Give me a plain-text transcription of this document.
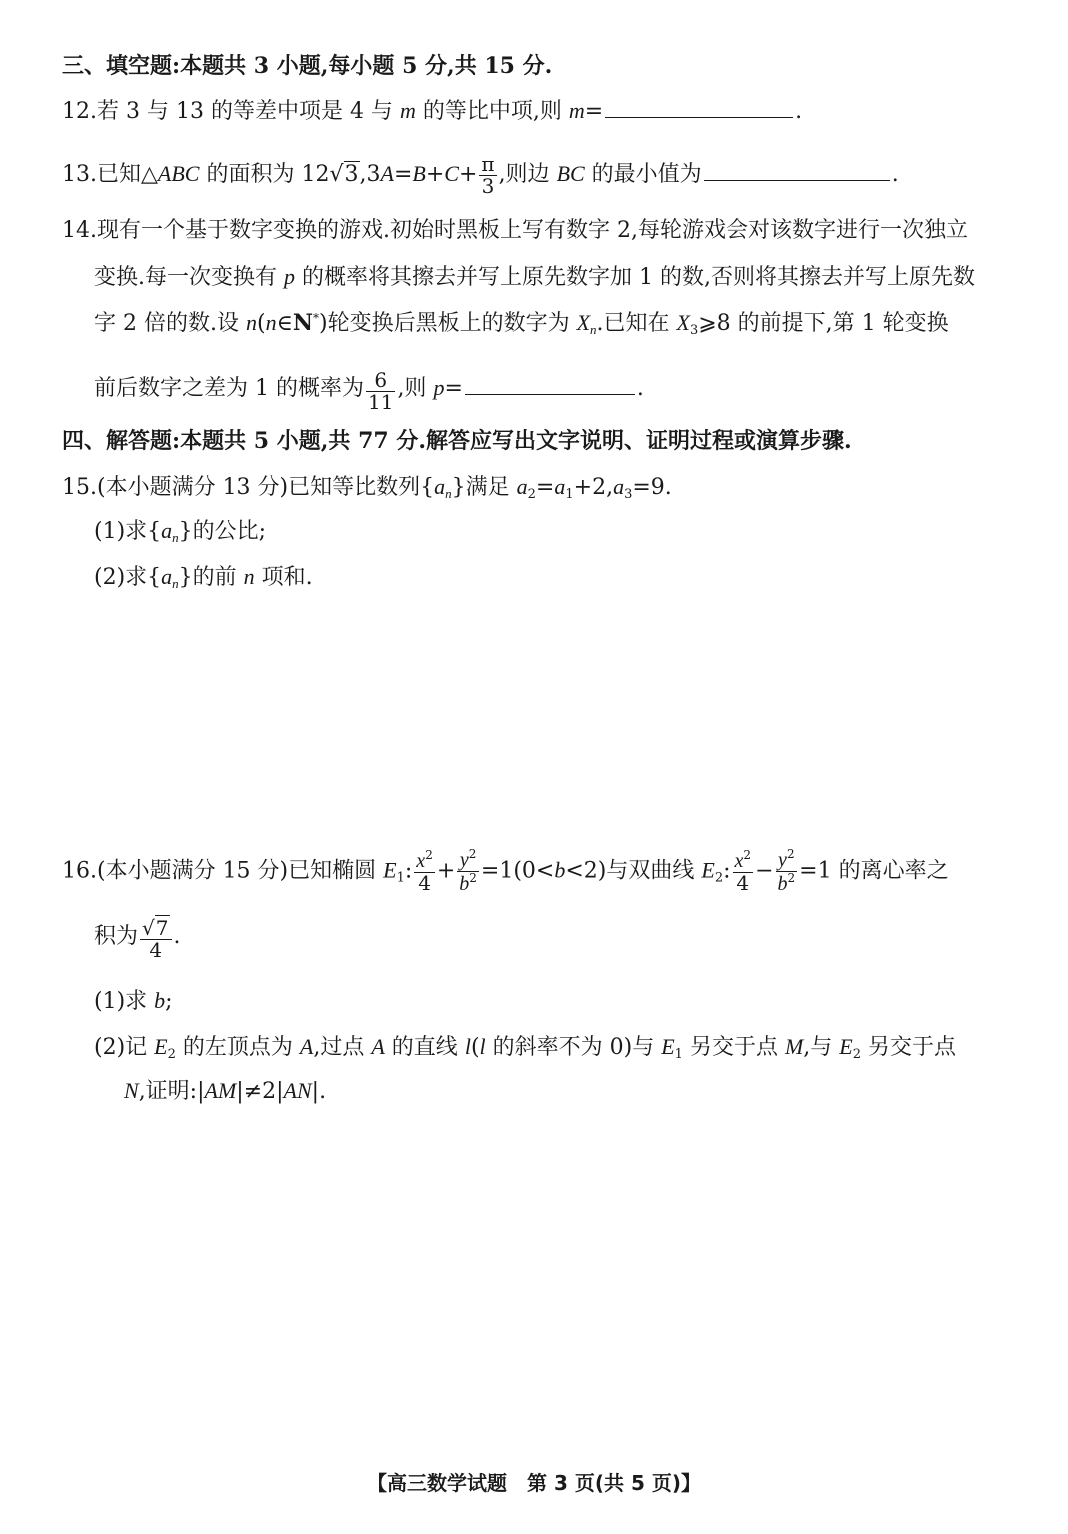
三、填空题:本题共 3 小题,每小题 5 分,共 15 分.
12.若 3 与 13 的等差中项是 4 与 m 的等比中项,则 m=	.
13.已知△ABC 的面积为 $12√3,3A=B+C+ \frac{\pi}{3}$ ,则边 BC 的最小值为	.
14.现有一个基于数字变换的游戏.初始时黑板上写有数字 2,每轮游戏会对该数字进行一次独立
变换.每一次变换有 p 的概率将其擦去并写上原先数字加 1 的数,否则将其擦去并写上原先数
字 2 倍的数.设 n(n∈N*)轮变换后黑板上的数字为 $X_n$.已知在 $X_3⩾8$ 的前提下,第 1 轮变换
前后数字之差为 1 的概率为 $\frac{6}{11}$ ,则 p=	.
四、解答题:本题共 5 小题,共 77 分.解答应写出文字说明、证明过程或演算步骤.
15.(本小题满分 13 分)已知等比数列$\{a_n\}$满足 $a_2=a_1+2,a_3=9$.
(1)求$\{a_n\}$的公比;
(2)求$\{a_n\}$的前 n 项和.
16.(本小题满分 15 分)已知椭圆 $E_1$: $\frac{x^2}{4} + \frac{y^2}{b^2} =1(0<b<2)$与双曲线 $E_2$: $\frac{x^2}{4} - \frac{y^2}{b^2} =1$ 的离心率之
积为 $\frac{√7}{4}$ .
(1)求 b;
(2)记 $E_2$ 的左顶点为 A,过点 A 的直线 l(l 的斜率不为 0)与 $E_1$ 另交于点 M,与 $E_2$ 另交于点
N,证明:|AM|≠2|AN|.
【高三数学试题　第 3 页(共 5 页)】
